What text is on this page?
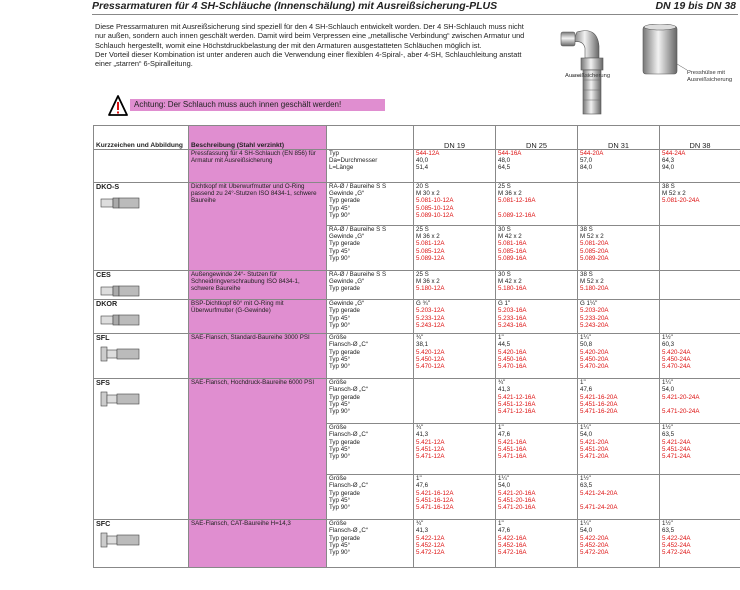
Pressarmaturen für 4 SH-Schläuche (Innenschälung) mit Ausreißsicherung-PLUS	DN 19 bis DN 38

Diese Pressarmaturen mit Ausreißsicherung sind speziell für den 4 SH-Schlauch entwickelt worden. Der 4 SH-Schlauch muss nicht nur außen, sondern auch innen geschält werden. Damit wird beim Verpressen eine „metallische Verbindung“ zwischen Armatur und Schlauch hergestellt, womit eine Höchstdruckbelastung der mit den Armaturen ausgestatteten Schläuchen möglich ist.

Der Vorteil dieser Kombination ist unter anderen auch die Verwendung einer flexiblen 4-Spiral-, aber 4-SH, Schlauchleitung anstatt einer „starren“ 6-Spiralleitung.

Ausreißsicherung	Presshülse mit Ausreißsicherung
Achtung: Der Schlauch muss auch innen geschält werden!
Kurzzeichen und Abbildung	Beschreibung (Stahl verzinkt)		DN 19	DN 25	DN 31	DN 38
	Pressfassung für 4 SH-Schlauch (EN 856) für Armatur mit Ausreißsicherung	Typ
Da=Durchmesser
L=Länge	544-12A
40,0
51,4	544-16A
48,0
64,5	544-20A
57,0
84,0	544-24A
64,3
94,0

DKO-S	Dichtkopf mit Überwurfmutter und O-Ring passend zu 24°-Stutzen ISO 8434-1, schwere Baureihe	RA-Ø / Baureihe S S
Gewinde „G“
Typ gerade
Typ 45°
Typ 90°	20 S
M 30 x 2
5.081-10-12A
5.085-10-12A
5.089-10-12A	25 S
M 36 x 2
5.081-12-16A

5.089-12-16A		38 S
M 52 x 2
5.081-20-24A

		RA-Ø / Baureihe S S
Gewinde „G“
Typ gerade
Typ 45°
Typ 90°	25 S
M 36 x 2
5.081-12A
5.085-12A
5.089-12A	30 S
M 42 x 2
5.081-16A
5.085-16A
5.089-16A	38 S
M 52 x 2
5.081-20A
5.085-20A
5.089-20A	

CES	Außengewinde 24°- Stutzen für Schneidringverschraubung ISO 8434-1, schwere Baureihe	RA-Ø / Baureihe S S
Gewinde „G“
Typ gerade	25 S
M 36 x 2
5.180-12A	30 S
M 42 x 2
5.180-16A	38 S
M 52 x 2
5.180-20A	

DKOR	BSP-Dichtkopf 60° mit O-Ring mit Überwurfmutter (G-Gewinde)	Gewinde „G“
Typ gerade
Typ 45°
Typ 90°	G ¾"
5.203-12A
5.233-12A
5.243-12A	G 1"
5.203-16A
5.233-16A
5.243-16A	G 1¼"
5.203-20A
5.233-20A
5.243-20A	

SFL	SAE-Flansch, Standard-Baureihe 3000 PSI	Größe
Flansch-Ø „C“
Typ gerade
Typ 45°
Typ 90°	¾"
38,1
5.420-12A
5.450-12A
5.470-12A	1"
44,5
5.420-16A
5.450-16A
5.470-16A	1¼"
50,8
5.420-20A
5.450-20A
5.470-20A	1½"
60,3
5.420-24A
5.450-24A
5.470-24A

SFS	SAE-Flansch, Hochdruck-Baureihe 6000 PSI	Größe
Flansch-Ø „C“
Typ gerade
Typ 45°
Typ 90°		¾"
41,3
5.421-12-16A
5.451-12-16A
5.471-12-16A	1"
47,6
5.421-16-20A
5.451-16-20A
5.471-16-20A	1¼"
54,0
5.421-20-24A

5.471-20-24A

		Größe
Flansch-Ø „C“
Typ gerade
Typ 45°
Typ 90°	¾"
41,3
5.421-12A
5.451-12A
5.471-12A	1"
47,6
5.421-16A
5.451-16A
5.471-16A	1¼"
54,0
5.421-20A
5.451-20A
5.471-20A	1½"
63,5
5.421-24A
5.451-24A
5.471-24A

		Größe
Flansch-Ø „C“
Typ gerade
Typ 45°
Typ 90°	1"
47,6
5.421-16-12A
5.451-16-12A
5.471-16-12A	1¼"
54,0
5.421-20-16A
5.451-20-16A
5.471-20-16A	1½"
63,5
5.421-24-20A

5.471-24-20A	

SFC	SAE-Flansch, CAT-Baureihe H=14,3	Größe
Flansch-Ø „C“
Typ gerade
Typ 45°
Typ 90°	¾"
41,3
5.422-12A
5.452-12A
5.472-12A	1"
47,6
5.422-16A
5.452-16A
5.472-16A	1¼"
54,0
5.422-20A
5.452-20A
5.472-20A	1½"
63,5
5.422-24A
5.452-24A
5.472-24A
